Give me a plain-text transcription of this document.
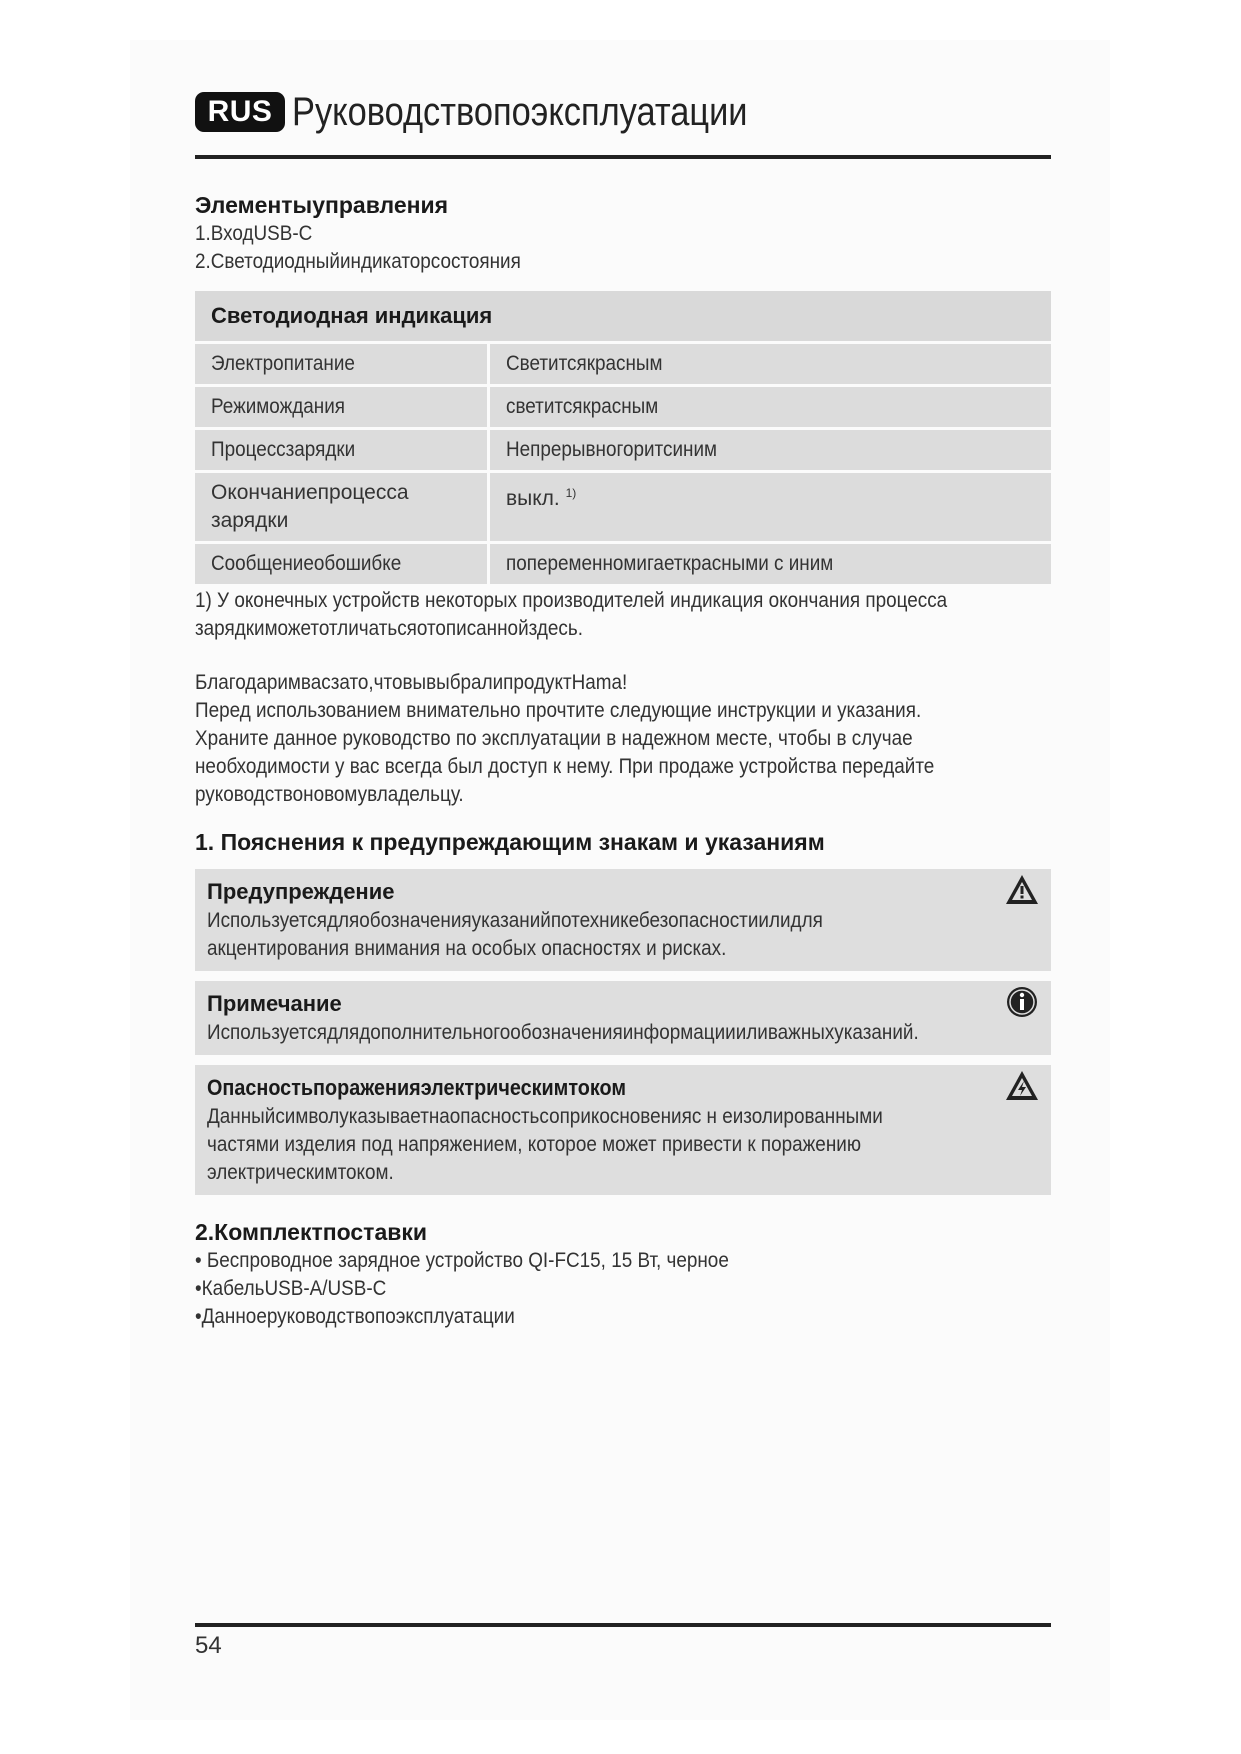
RUS Руководствопоэксплуатации

Элементыуправления

1.ВходUSB-C

2.Светодиодныйиндикаторсостояния

Светодиодная индикация	
Электропитание	Светитсякрасным
Режимождания	светитсякрасным
Процессзарядки	Непрерывногоритсиним

Окончаниепроцесса зарядки	выкл. $^{1)}$
Сообщениеобошибке	попеременномигаеткрасными с иним

1) У оконечных устройств некоторых производителей индикация окончания процесса

зарядкиможетотличатьсяотописаннойздесь.

Благодаримвасзато,чтовывыбралипродуктHama!

Перед использованием внимательно прочтите следующие инструкции и указания.

Храните данное руководство по эксплуатации в надежном месте, чтобы в случае

необходимости у вас всегда был доступ к нему. При продаже устройства передайте

руководствоновомувладельцу.

1. Пояснения к предупреждающим знакам и указаниям

Предупреждение
Используетсядляобозначенияуказанийпотехникебезопасностиилидля
акцентирования внимания на особых опасностях и рисках.
Примечание
Используетсядлядополнительногообозначенияинформациииливажныхуказаний.
Опасностьпораженияэлектрическимтоком
Данныйсимволуказываетнаопасностьсоприкосновенияс н еизолированными
частями изделия под напряжением, которое может привести к поражению
электрическимтоком.

2.Комплектпоставки

• Беспроводное зарядное устройство QI-FC15, 15 Вт, черное
•КабельUSB-A/USB-C
•Данноеруководствопоэксплуатации
54
